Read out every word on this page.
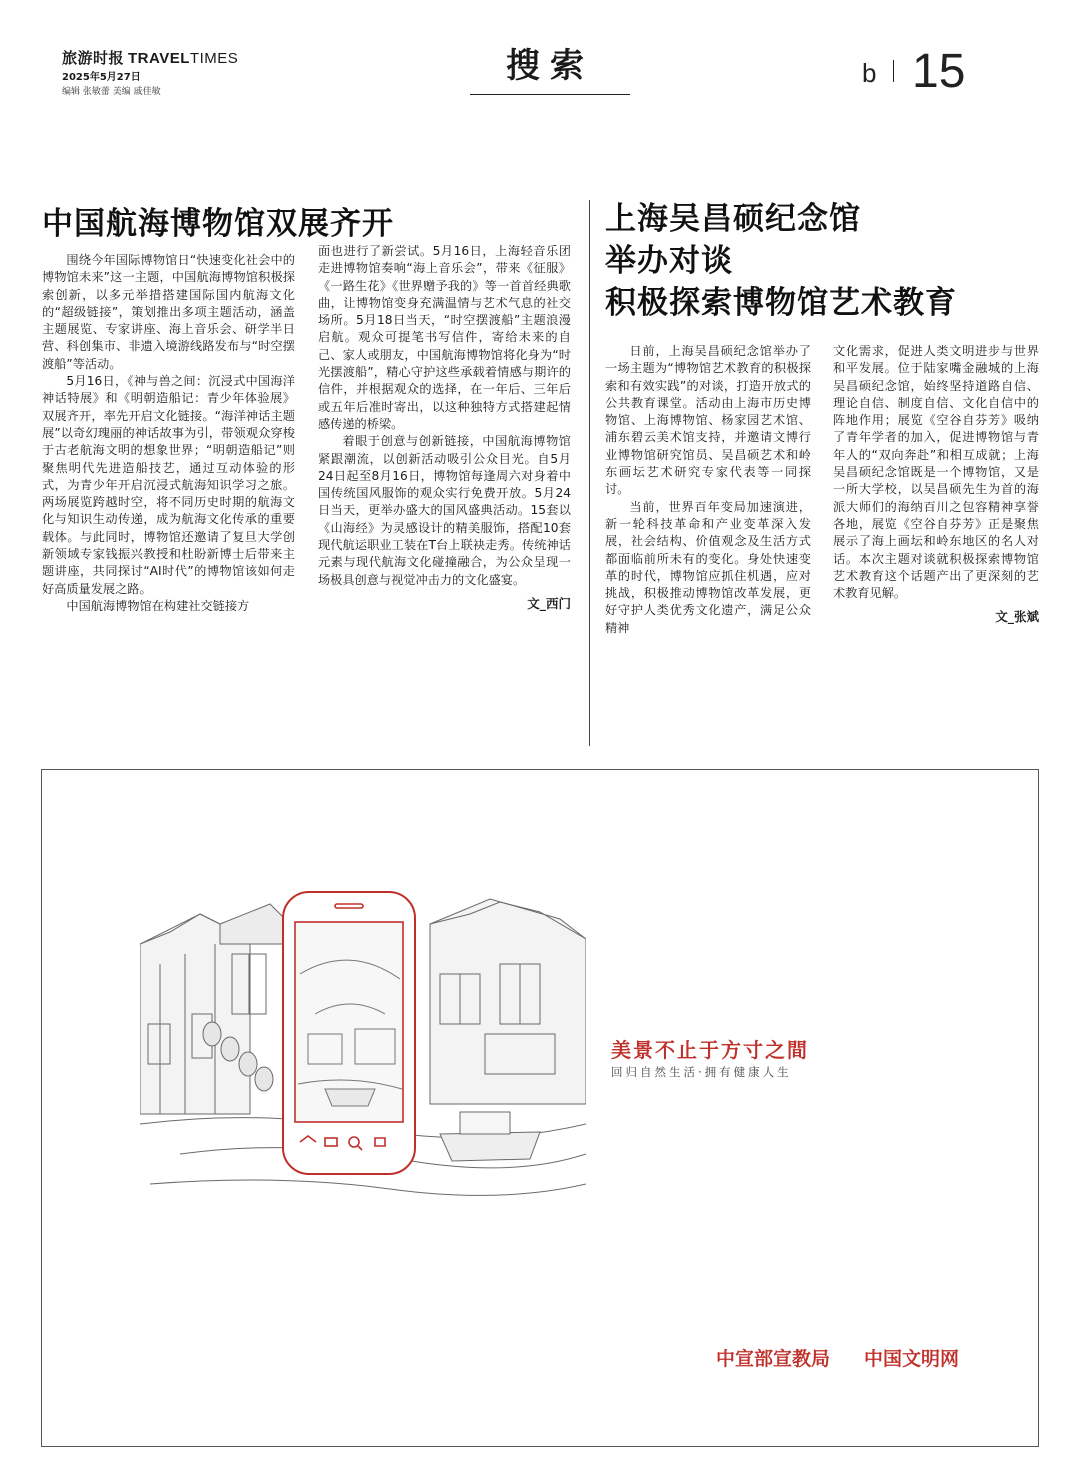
旅游时报 TRAVELTIMES
2025年5月27日
编辑 张敏蕾 美编 戚佳敏
搜索	b 15
中国航海博物馆双展齐开

围绕今年国际博物馆日“快速变化社会中的博物馆未来”这一主题，中国航海博物馆积极探索创新，以多元举措搭建国际国内航海文化的“超级链接”，策划推出多项主题活动，涵盖主题展览、专家讲座、海上音乐会、研学半日营、科创集市、非遗入境游线路发布与“时空摆渡船”等活动。

5月16日，《神与兽之间：沉浸式中国海洋神话特展》和《明朝造船记：青少年体验展》双展齐开，率先开启文化链接。“海洋神话主题展”以奇幻瑰丽的神话故事为引，带领观众穿梭于古老航海文明的想象世界；“明朝造船记”则聚焦明代先进造船技艺，通过互动体验的形式，为青少年开启沉浸式航海知识学习之旅。两场展览跨越时空，将不同历史时期的航海文化与知识生动传递，成为航海文化传承的重要载体。与此同时，博物馆还邀请了复旦大学创新领域专家钱振兴教授和杜盼新博士后带来主题讲座，共同探讨“AI时代”的博物馆该如何走好高质量发展之路。

中国航海博物馆在构建社交链接方

面也进行了新尝试。5月16日，上海轻音乐团走进博物馆奏响“海上音乐会”，带来《征服》《一路生花》《世界赠予我的》等一首首经典歌曲，让博物馆变身充满温情与艺术气息的社交场所。5月18日当天，“时空摆渡船”主题浪漫启航。观众可提笔书写信件，寄给未来的自己、家人或朋友，中国航海博物馆将化身为“时光摆渡船”，精心守护这些承载着情感与期许的信件，并根据观众的选择，在一年后、三年后或五年后准时寄出，以这种独特方式搭建起情感传递的桥梁。

着眼于创意与创新链接，中国航海博物馆紧跟潮流，以创新活动吸引公众目光。自5月24日起至8月16日，博物馆每逢周六对身着中国传统国风服饰的观众实行免费开放。5月24日当天，更举办盛大的国风盛典活动。15套以《山海经》为灵感设计的精美服饰，搭配10套现代航运职业工装在T台上联袂走秀。传统神话元素与现代航海文化碰撞融合，为公众呈现一场极具创意与视觉冲击力的文化盛宴。

文_西门
上海吴昌硕纪念馆
举办对谈
积极探索博物馆艺术教育

日前，上海吴昌硕纪念馆举办了一场主题为“博物馆艺术教育的积极探索和有效实践”的对谈，打造开放式的公共教育课堂。活动由上海市历史博物馆、上海博物馆、杨家园艺术馆、浦东碧云美术馆支持，并邀请文博行业博物馆研究馆员、吴昌硕艺术和岭东画坛艺术研究专家代表等一同探讨。

当前，世界百年变局加速演进，新一轮科技革命和产业变革深入发展，社会结构、价值观念及生活方式都面临前所未有的变化。身处快速变革的时代，博物馆应抓住机遇，应对挑战，积极推动博物馆改革发展，更好守护人类优秀文化遗产，满足公众精神

文化需求，促进人类文明进步与世界和平发展。位于陆家嘴金融城的上海吴昌硕纪念馆，始终坚持道路自信、理论自信、制度自信、文化自信中的阵地作用；展览《空谷自芬芳》吸纳了青年学者的加入，促进博物馆与青年人的“双向奔赴”和相互成就；上海吴昌硕纪念馆既是一个博物馆，又是一所大学校，以吴昌硕先生为首的海派大师们的海纳百川之包容精神享誉各地，展览《空谷自芬芳》正是聚焦展示了海上画坛和岭东地区的名人对话。本次主题对谈就积极探索博物馆艺术教育这个话题产出了更深刻的艺术教育见解。

文_张斌
美景不止于方寸之間
回归自然生活·拥有健康人生
中宣部宣教局 中国文明网
